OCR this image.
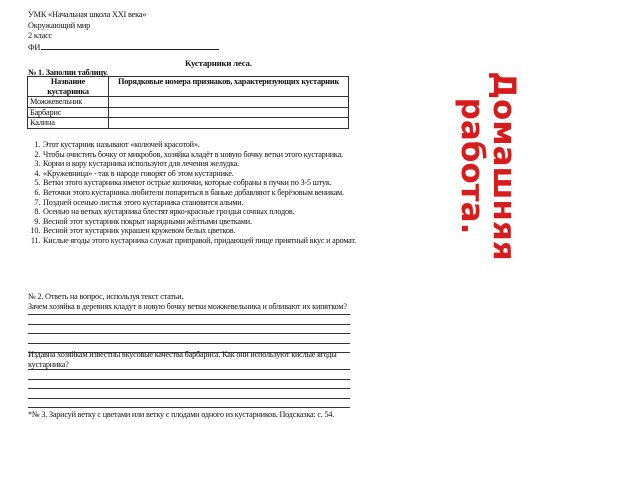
УМК «Начальная школа XXI века»
Окружающий мир
2 класс
ФИ
Кустарники леса.
№ 1. Заполни таблицу.
Название кустарника	Порядковые номера признаков, характеризующих кустарник
Можжевельник	
Барбарис	
Калина	
1. Этот кустарник называют «колючей красотой».
2. Чтобы очистить бочку от микробов, хозяйка кладёт в новую бочку ветки этого кустарника.
3. Корни и кору кустарника используют для лечения желудка.
4. «Кружевница» - так в народе говорят об этом кустарнике.
5. Ветки этого кустарника имеют острые колючки, которые собраны в пучки по 3-5 штук.
6. Веточки этого кустарника любители попариться в баньке добавляют к берёзовым веникам.
7. Поздней осенью листья этого кустарника становятся алыми.
8. Осенью на ветках кустарника блестят ярко-красные гроздья сочных плодов.
9. Весной этот кустарник покрыт нарядными жёлтыми цветками.
10. Весной этот кустарник украшен кружевом белых цветков.
11. Кислые ягоды этого кустарника служат приправой, придающей пище приятный вкус и аромат.
№ 2. Ответь на вопрос, используя текст статьи.
Зачем хозяйка в деревнях кладут в новую бочку ветки можжевельника и обливают их кипятком?
Издавна хозяйкам известны вкусовые качества барбариса. Как они используют кислые ягоды кустарника?
*№ 3. Зарисуй ветку с цветами или ветку с плодами одного из кустарников. Подсказка: с. 54.
Домашняя
работа.
